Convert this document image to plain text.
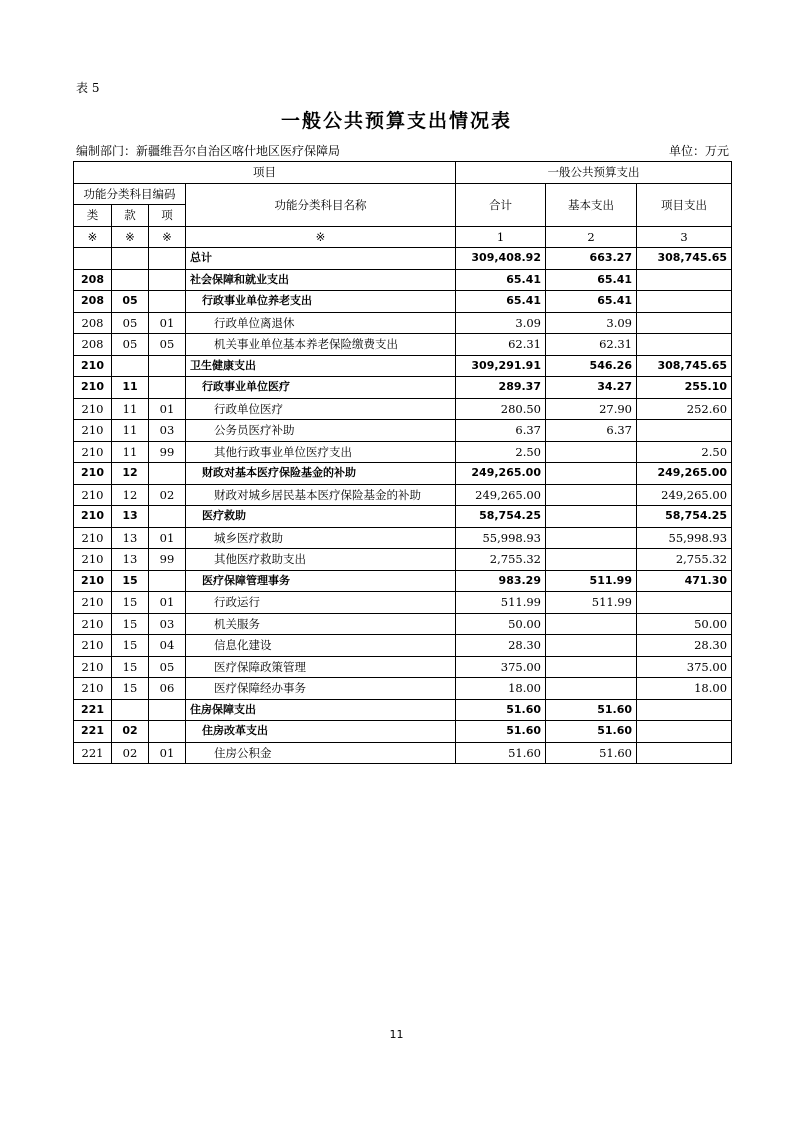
表 5
一般公共预算支出情况表
编制部门：新疆维吾尔自治区喀什地区医疗保障局	单位：万元
项目				一般公共预算支出		
功能分类科目编码			功能分类科目名称	合计	基本支出	项目支出
类	款	项				
※	※	※	※	1	2	3
			总计	309,408.92	663.27	308,745.65
208			社会保障和就业支出	65.41	65.41	
208	05		行政事业单位养老支出	65.41	65.41	
208	05	01	行政单位离退休	3.09	3.09	
208	05	05	机关事业单位基本养老保险缴费支出	62.31	62.31	
210			卫生健康支出	309,291.91	546.26	308,745.65
210	11		行政事业单位医疗	289.37	34.27	255.10
210	11	01	行政单位医疗	280.50	27.90	252.60
210	11	03	公务员医疗补助	6.37	6.37	
210	11	99	其他行政事业单位医疗支出	2.50		2.50
210	12		财政对基本医疗保险基金的补助	249,265.00		249,265.00
210	12	02	财政对城乡居民基本医疗保险基金的补助	249,265.00		249,265.00
210	13		医疗救助	58,754.25		58,754.25
210	13	01	城乡医疗救助	55,998.93		55,998.93
210	13	99	其他医疗救助支出	2,755.32		2,755.32
210	15		医疗保障管理事务	983.29	511.99	471.30
210	15	01	行政运行	511.99	511.99	
210	15	03	机关服务	50.00		50.00
210	15	04	信息化建设	28.30		28.30
210	15	05	医疗保障政策管理	375.00		375.00
210	15	06	医疗保障经办事务	18.00		18.00
221			住房保障支出	51.60	51.60	
221	02		住房改革支出	51.60	51.60	
221	02	01	住房公积金	51.60	51.60	
11
